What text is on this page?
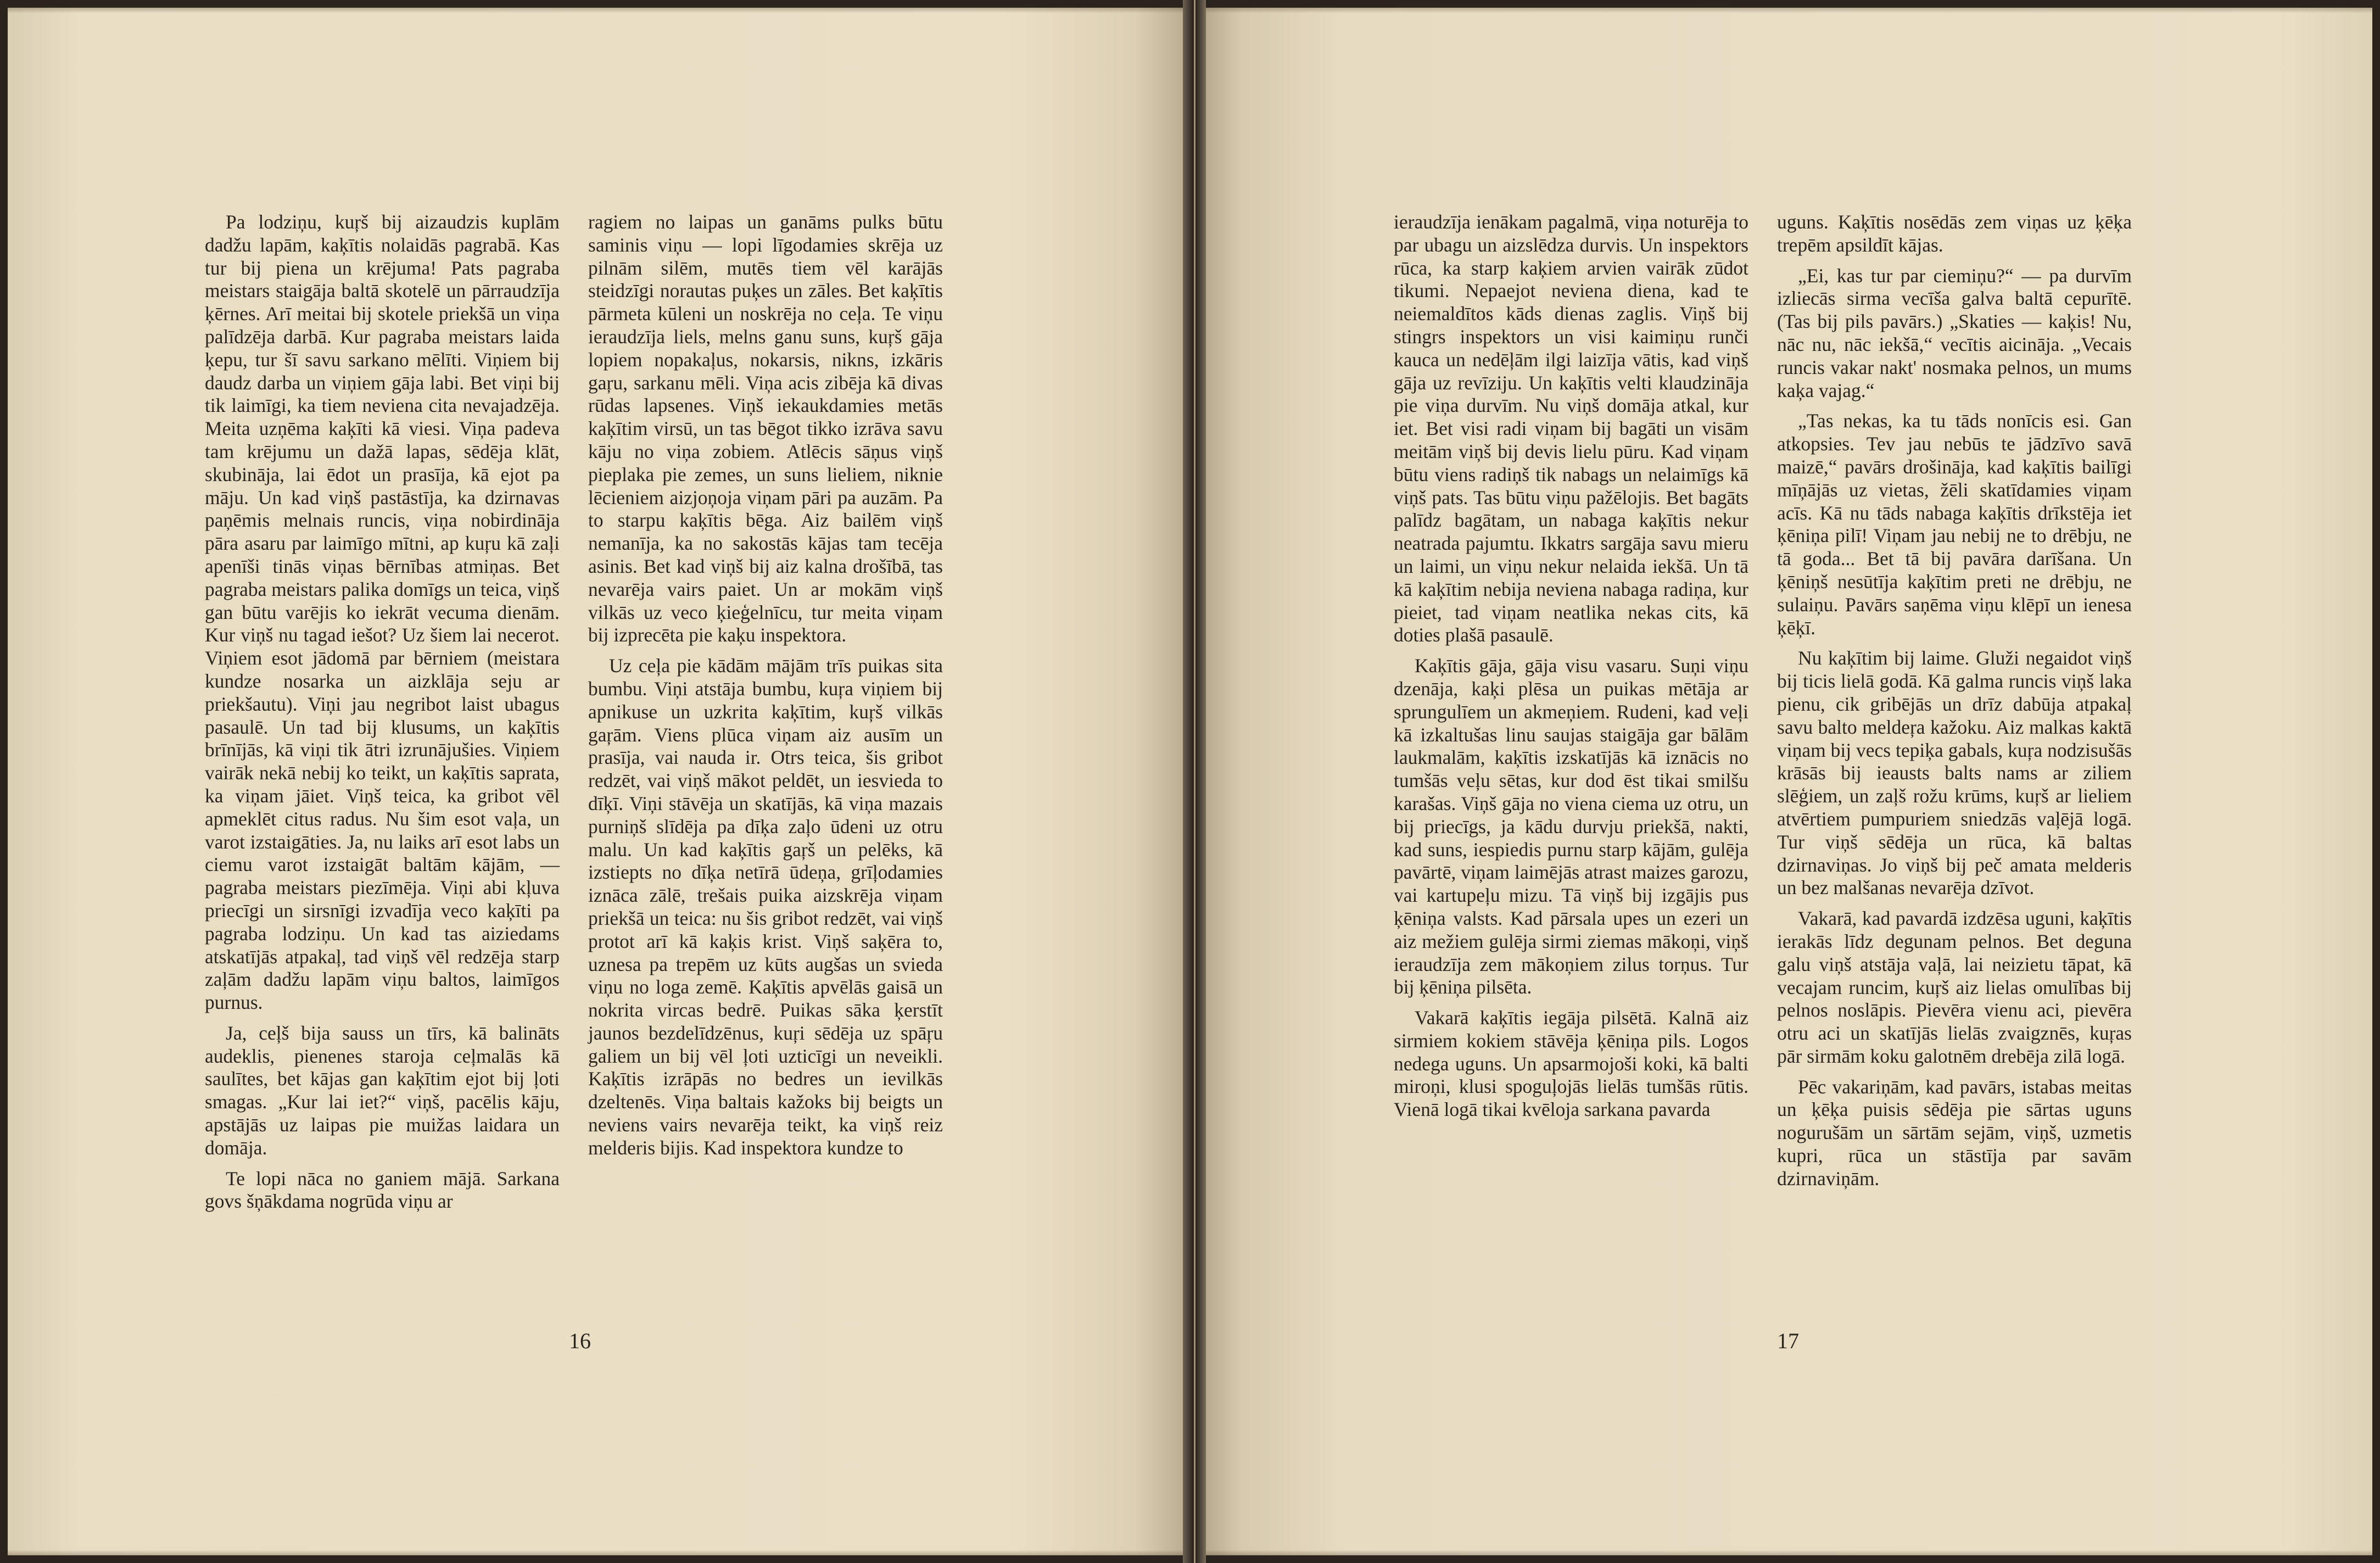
Pa lodziņu, kuŗš bij aizaudzis kuplām dadžu lapām, kaķītis nolaidās pagrabā. Kas tur bij piena un krējuma! Pats pagraba meistars staigāja baltā skotelē un pārraudzīja ķērnes. Arī meitai bij skotele priekšā un viņa palīdzēja darbā. Kur pagraba meistars laida ķepu, tur šī savu sarkano mēlīti. Viņiem bij daudz darba un viņiem gāja labi. Bet viņi bij tik laimīgi, ka tiem neviena cita nevajadzēja. Meita uzņēma kaķīti kā viesi. Viņa padeva tam krējumu un dažā lapas, sēdēja klāt, skubināja, lai ēdot un prasīja, kā ejot pa māju. Un kad viņš pastāstīja, ka dzirnavas paņēmis melnais runcis, viņa nobirdināja pāra asaru par laimīgo mītni, ap kuŗu kā zaļi apenīši tinās viņas bērnības atmiņas. Bet pagraba meistars palika domīgs un teica, viņš gan būtu varējis ko iekrāt vecuma dienām. Kur viņš nu tagad iešot? Uz šiem lai necerot. Viņiem esot jādomā par bērniem (meistara kundze nosarka un aizklāja seju ar priekšautu). Viņi jau negribot laist ubagus pasaulē. Un tad bij klusums, un kaķītis brīnījās, kā viņi tik ātri izrunājušies. Viņiem vairāk nekā nebij ko teikt, un kaķītis saprata, ka viņam jāiet. Viņš teica, ka gribot vēl apmeklēt citus radus. Nu šim esot vaļa, un varot izstaigāties. Ja, nu laiks arī esot labs un ciemu varot izstaigāt baltām kājām, — pagraba meistars piezīmēja. Viņi abi kļuva priecīgi un sirsnīgi izvadīja veco kaķīti pa pagraba lodziņu. Un kad tas aiziedams atskatījās atpakaļ, tad viņš vēl redzēja starp zaļām dadžu lapām viņu baltos, laimīgos purnus.

Ja, ceļš bija sauss un tīrs, kā balināts audeklis, pienenes staroja ceļmalās kā saulītes, bet kājas gan kaķītim ejot bij ļoti smagas. „Kur lai iet?“ viņš, pacēlis kāju, apstājās uz laipas pie muižas laidara un domāja.

Te lopi nāca no ganiem mājā. Sarkana govs šņākdama nogrūda viņu ar

ragiem no laipas un ganāms pulks būtu saminis viņu — lopi līgodamies skrēja uz pilnām silēm, mutēs tiem vēl karājās steidzīgi norautas puķes un zāles. Bet kaķītis pārmeta kūleni un noskrēja no ceļa. Te viņu ieraudzīja liels, melns ganu suns, kuŗš gāja lopiem nopakaļus, nokarsis, nikns, izkāris gaŗu, sarkanu mēli. Viņa acis zibēja kā divas rūdas lapsenes. Viņš iekaukdamies metās kaķītim virsū, un tas bēgot tikko izrāva savu kāju no viņa zobiem. Atlēcis sāņus viņš pieplaka pie zemes, un suns lieliem, niknie lēcieniem aizjoņoja viņam pāri pa auzām. Pa to starpu kaķītis bēga. Aiz bailēm viņš nemanīja, ka no sakostās kājas tam tecēja asinis. Bet kad viņš bij aiz kalna drošībā, tas nevarēja vairs paiet. Un ar mokām viņš vilkās uz veco ķieģelnīcu, tur meita viņam bij izprecēta pie kaķu inspektora.

Uz ceļa pie kādām mājām trīs puikas sita bumbu. Viņi atstāja bumbu, kuŗa viņiem bij apnikuse un uzkrita kaķītim, kuŗš vilkās gaŗām. Viens plūca viņam aiz ausīm un prasīja, vai nauda ir. Otrs teica, šis gribot redzēt, vai viņš mākot peldēt, un iesvieda to dīķī. Viņi stāvēja un skatījās, kā viņa mazais purniņš slīdēja pa dīķa zaļo ūdeni uz otru malu. Un kad kaķītis gaŗš un pelēks, kā izstiepts no dīķa netīrā ūdeņa, grīļodamies iznāca zālē, trešais puika aizskrēja viņam priekšā un teica: nu šis gribot redzēt, vai viņš protot arī kā kaķis krist. Viņš saķēra to, uznesa pa trepēm uz kūts augšas un svieda viņu no loga zemē. Kaķītis apvēlās gaisā un nokrita vircas bedrē. Puikas sāka ķerstīt jaunos bezdelīdzēnus, kuŗi sēdēja uz spāŗu galiem un bij vēl ļoti uzticīgi un neveikli. Kaķītis izrāpās no bedres un ievilkās dzeltenēs. Viņa baltais kažoks bij beigts un neviens vairs nevarēja teikt, ka viņš reiz melderis bijis. Kad inspektora kundze to

16

ieraudzīja ienākam pagalmā, viņa noturēja to par ubagu un aizslēdza durvis. Un inspektors rūca, ka starp kaķiem arvien vairāk zūdot tikumi. Nepaejot neviena diena, kad te neiemaldītos kāds dienas zaglis. Viņš bij stingrs inspektors un visi kaimiņu runči kauca un nedēļām ilgi laizīja vātis, kad viņš gāja uz revīziju. Un kaķītis velti klaudzināja pie viņa durvīm. Nu viņš domāja atkal, kur iet. Bet visi radi viņam bij bagāti un visām meitām viņš bij devis lielu pūru. Kad viņam būtu viens radiņš tik nabags un nelaimīgs kā viņš pats. Tas būtu viņu pažēlojis. Bet bagāts palīdz bagātam, un nabaga kaķītis nekur neatrada pajumtu. Ikkatrs sargāja savu mieru un laimi, un viņu nekur nelaida iekšā. Un tā kā kaķītim nebija neviena nabaga radiņa, kur pieiet, tad viņam neatlika nekas cits, kā doties plašā pasaulē.

Kaķītis gāja, gāja visu vasaru. Suņi viņu dzenāja, kaķi plēsa un puikas mētāja ar sprungulīem un akmeņiem. Rudeni, kad veļi kā izkaltušas linu saujas staigāja gar bālām laukmalām, kaķītis izskatījās kā iznācis no tumšās veļu sētas, kur dod ēst tikai smilšu karašas. Viņš gāja no viena ciema uz otru, un bij priecīgs, ja kādu durvju priekšā, nakti, kad suns, iespiedis purnu starp kājām, gulēja pavārtē, viņam laimējās atrast maizes garozu, vai kartupeļu mizu. Tā viņš bij izgājis pus ķēniņa valsts. Kad pārsala upes un ezeri un aiz mežiem gulēja sirmi ziemas mākoņi, viņš ieraudzīja zem mākoņiem zilus torņus. Tur bij ķēniņa pilsēta.

Vakarā kaķītis iegāja pilsētā. Kalnā aiz sirmiem kokiem stāvēja ķēniņa pils. Logos nedega uguns. Un apsarmojoši koki, kā balti miroņi, klusi spoguļojās lielās tumšās rūtis. Vienā logā tikai kvēloja sarkana pavarda

uguns. Kaķītis nosēdās zem viņas uz ķēķa trepēm apsildīt kājas.

„Ei, kas tur par ciemiņu?“ — pa durvīm izliecās sirma vecīša galva baltā cepurītē. (Tas bij pils pavārs.) „Skaties — kaķis! Nu, nāc nu, nāc iekšā,“ vecītis aicināja. „Vecais runcis vakar nakt' nosmaka pelnos, un mums kaķa vajag.“

„Tas nekas, ka tu tāds nonīcis esi. Gan atkopsies. Tev jau nebūs te jādzīvo savā maizē,“ pavārs drošināja, kad kaķītis bailīgi mīņājās uz vietas, žēli skatīdamies viņam acīs. Kā nu tāds nabaga kaķītis drīkstēja iet ķēniņa pilī! Viņam jau nebij ne to drēbju, ne tā goda... Bet tā bij pavāra darīšana. Un ķēniņš nesūtīja kaķītim preti ne drēbju, ne sulaiņu. Pavārs saņēma viņu klēpī un ienesa ķēķī.

Nu kaķītim bij laime. Gluži negaidot viņš bij ticis lielā godā. Kā galma runcis viņš laka pienu, cik gribējās un drīz dabūja atpakaļ savu balto meldeŗa kažoku. Aiz malkas kaktā viņam bij vecs tepiķa gabals, kuŗa nodzisušās krāsās bij ieausts balts nams ar ziliem slēģiem, un zaļš rožu krūms, kuŗš ar lieliem atvērtiem pumpuriem sniedzās vaļējā logā. Tur viņš sēdēja un rūca, kā baltas dzirnaviņas. Jo viņš bij peč amata melderis un bez malšanas nevarēja dzīvot.

Vakarā, kad pavardā izdzēsa uguni, kaķītis ierakās līdz degunam pelnos. Bet deguna galu viņš atstāja vaļā, lai neizietu tāpat, kā vecajam runcim, kuŗš aiz lielas omulības bij pelnos noslāpis. Pievēra vienu aci, pievēra otru aci un skatījās lielās zvaigznēs, kuŗas pār sirmām koku galotnēm drebēja zilā logā.

Pēc vakariņām, kad pavārs, istabas meitas un ķēķa puisis sēdēja pie sārtas uguns nogurušām un sārtām sejām, viņš, uzmetis kupri, rūca un stāstīja par savām dzirnaviņām.

17
